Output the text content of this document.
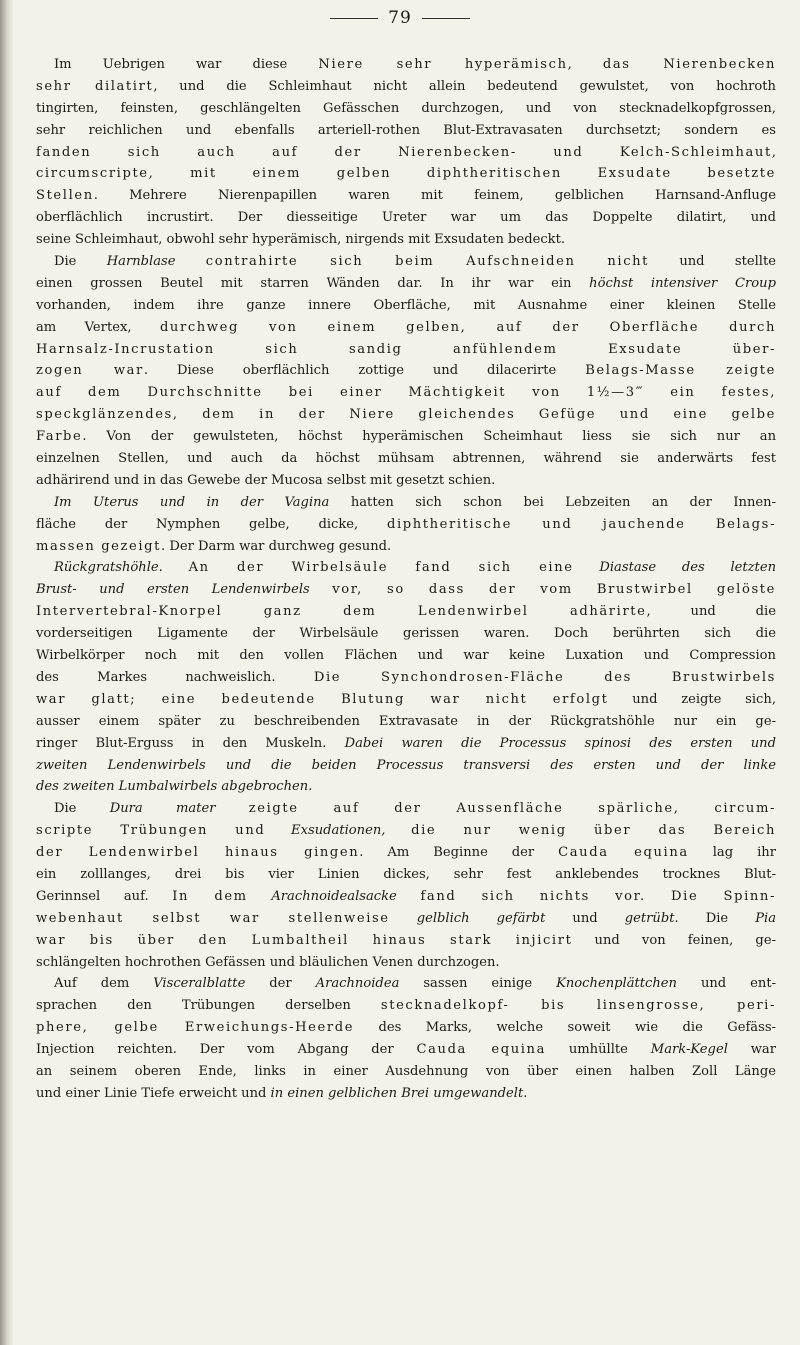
79
Im Uebrigen war diese Niere sehr hyperämisch, das Nierenbecken
sehr dilatirt, und die Schleimhaut nicht allein bedeutend gewulstet, von hochroth
tingirten, feinsten, geschlängelten Gefässchen durchzogen, und von stecknadelkopfgrossen,
sehr reichlichen und ebenfalls arteriell-rothen Blut-Extravasaten durchsetzt; sondern es
fanden sich auch auf der Nierenbecken- und Kelch-Schleimhaut,
circumscripte, mit einem gelben diphtheritischen Exsudate besetzte
Stellen. Mehrere Nierenpapillen waren mit feinem, gelblichen Harnsand-Anfluge
oberflächlich incrustirt. Der diesseitige Ureter war um das Doppelte dilatirt, und
seine Schleimhaut, obwohl sehr hyperämisch, nirgends mit Exsudaten bedeckt.
Die Harnblase contrahirte sich beim Aufschneiden nicht und stellte
einen grossen Beutel mit starren Wänden dar. In ihr war ein höchst intensiver Croup
vorhanden, indem ihre ganze innere Oberfläche, mit Ausnahme einer kleinen Stelle
am Vertex, durchweg von einem gelben, auf der Oberfläche durch
Harnsalz-Incrustation sich sandig anfühlendem Exsudate über-
zogen war. Diese oberflächlich zottige und dilacerirte Belags-Masse zeigte
auf dem Durchschnitte bei einer Mächtigkeit von 1½—3‴ ein festes,
speckglänzendes, dem in der Niere gleichendes Gefüge und eine gelbe
Farbe. Von der gewulsteten, höchst hyperämischen Scheimhaut liess sie sich nur an
einzelnen Stellen, und auch da höchst mühsam abtrennen, während sie anderwärts fest
adhärirend und in das Gewebe der Mucosa selbst mit gesetzt schien.
Im Uterus und in der Vagina hatten sich schon bei Lebzeiten an der Innen-
fläche der Nymphen gelbe, dicke, diphtheritische und jauchende Belags-
massen gezeigt. Der Darm war durchweg gesund.
Rückgratshöhle. An der Wirbelsäule fand sich eine Diastase des letzten
Brust- und ersten Lendenwirbels vor, so dass der vom Brustwirbel gelöste
Intervertebral-Knorpel ganz dem Lendenwirbel adhärirte, und die
vorderseitigen Ligamente der Wirbelsäule gerissen waren. Doch berührten sich die
Wirbelkörper noch mit den vollen Flächen und war keine Luxation und Compression
des Markes nachweislich. Die Synchondrosen-Fläche des Brustwirbels
war glatt; eine bedeutende Blutung war nicht erfolgt und zeigte sich,
ausser einem später zu beschreibenden Extravasate in der Rückgratshöhle nur ein ge-
ringer Blut-Erguss in den Muskeln. Dabei waren die Processus spinosi des ersten und
zweiten Lendenwirbels und die beiden Processus transversi des ersten und der linke
des zweiten Lumbalwirbels abgebrochen.
Die Dura mater	zeigte auf der Aussenfläche spärliche, circum-
scripte Trübungen und Exsudationen, die nur wenig über das Bereich
der Lendenwirbel hinaus gingen. Am Beginne der Cauda equina lag ihr
ein zolllanges, drei bis vier Linien dickes, sehr fest anklebendes trocknes Blut-
Gerinnsel auf. In dem Arachnoidealsacke fand sich nichts vor. Die Spinn-
webenhaut selbst war stellenweise gelblich gefärbt und getrübt. Die Pia
war bis über den Lumbaltheil hinaus stark injicirt und von feinen, ge-
schlängelten hochrothen Gefässen und bläulichen Venen durchzogen.
Auf dem Visceralblatte der Arachnoidea sassen einige Knochenplättchen und ent-
sprachen den Trübungen derselben stecknadelkopf- bis linsengrosse, peri-
phere, gelbe Erweichungs-Heerde des Marks, welche soweit wie die Gefäss-
Injection reichten. Der vom Abgang der Cauda equina umhüllte Mark-Kegel war
an seinem oberen Ende, links in einer Ausdehnung von über einen halben Zoll Länge
und einer Linie Tiefe erweicht und in einen gelblichen Brei umgewandelt.
